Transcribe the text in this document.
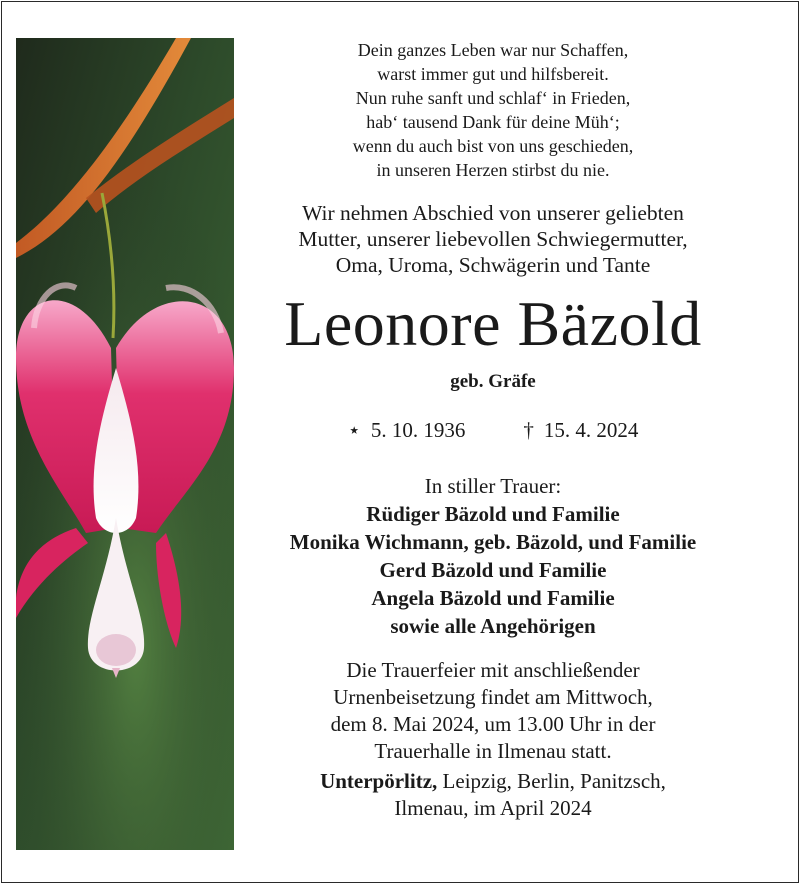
Dein ganzes Leben war nur Schaffen,
warst immer gut und hilfsbereit.
Nun ruhe sanft und schlaf‘ in Frieden,
hab‘ tausend Dank für deine Müh‘;
wenn du auch bist von uns geschieden,
in unseren Herzen stirbst du nie.
Wir nehmen Abschied von unserer geliebten
Mutter, unserer liebevollen Schwiegermutter,
Oma, Uroma, Schwägerin und Tante
Leonore Bäzold
geb. Gräfe
⋆ 5. 10. 1936	† 15. 4. 2024
In stiller Trauer:
Rüdiger Bäzold und Familie
Monika Wichmann, geb. Bäzold, und Familie
Gerd Bäzold und Familie
Angela Bäzold und Familie
sowie alle Angehörigen
Die Trauerfeier mit anschließender
Urnenbeisetzung findet am Mittwoch,
dem 8. Mai 2024, um 13.00 Uhr in der
Trauerhalle in Ilmenau statt.
Unterpörlitz, Leipzig, Berlin, Panitzsch,
Ilmenau, im April 2024
